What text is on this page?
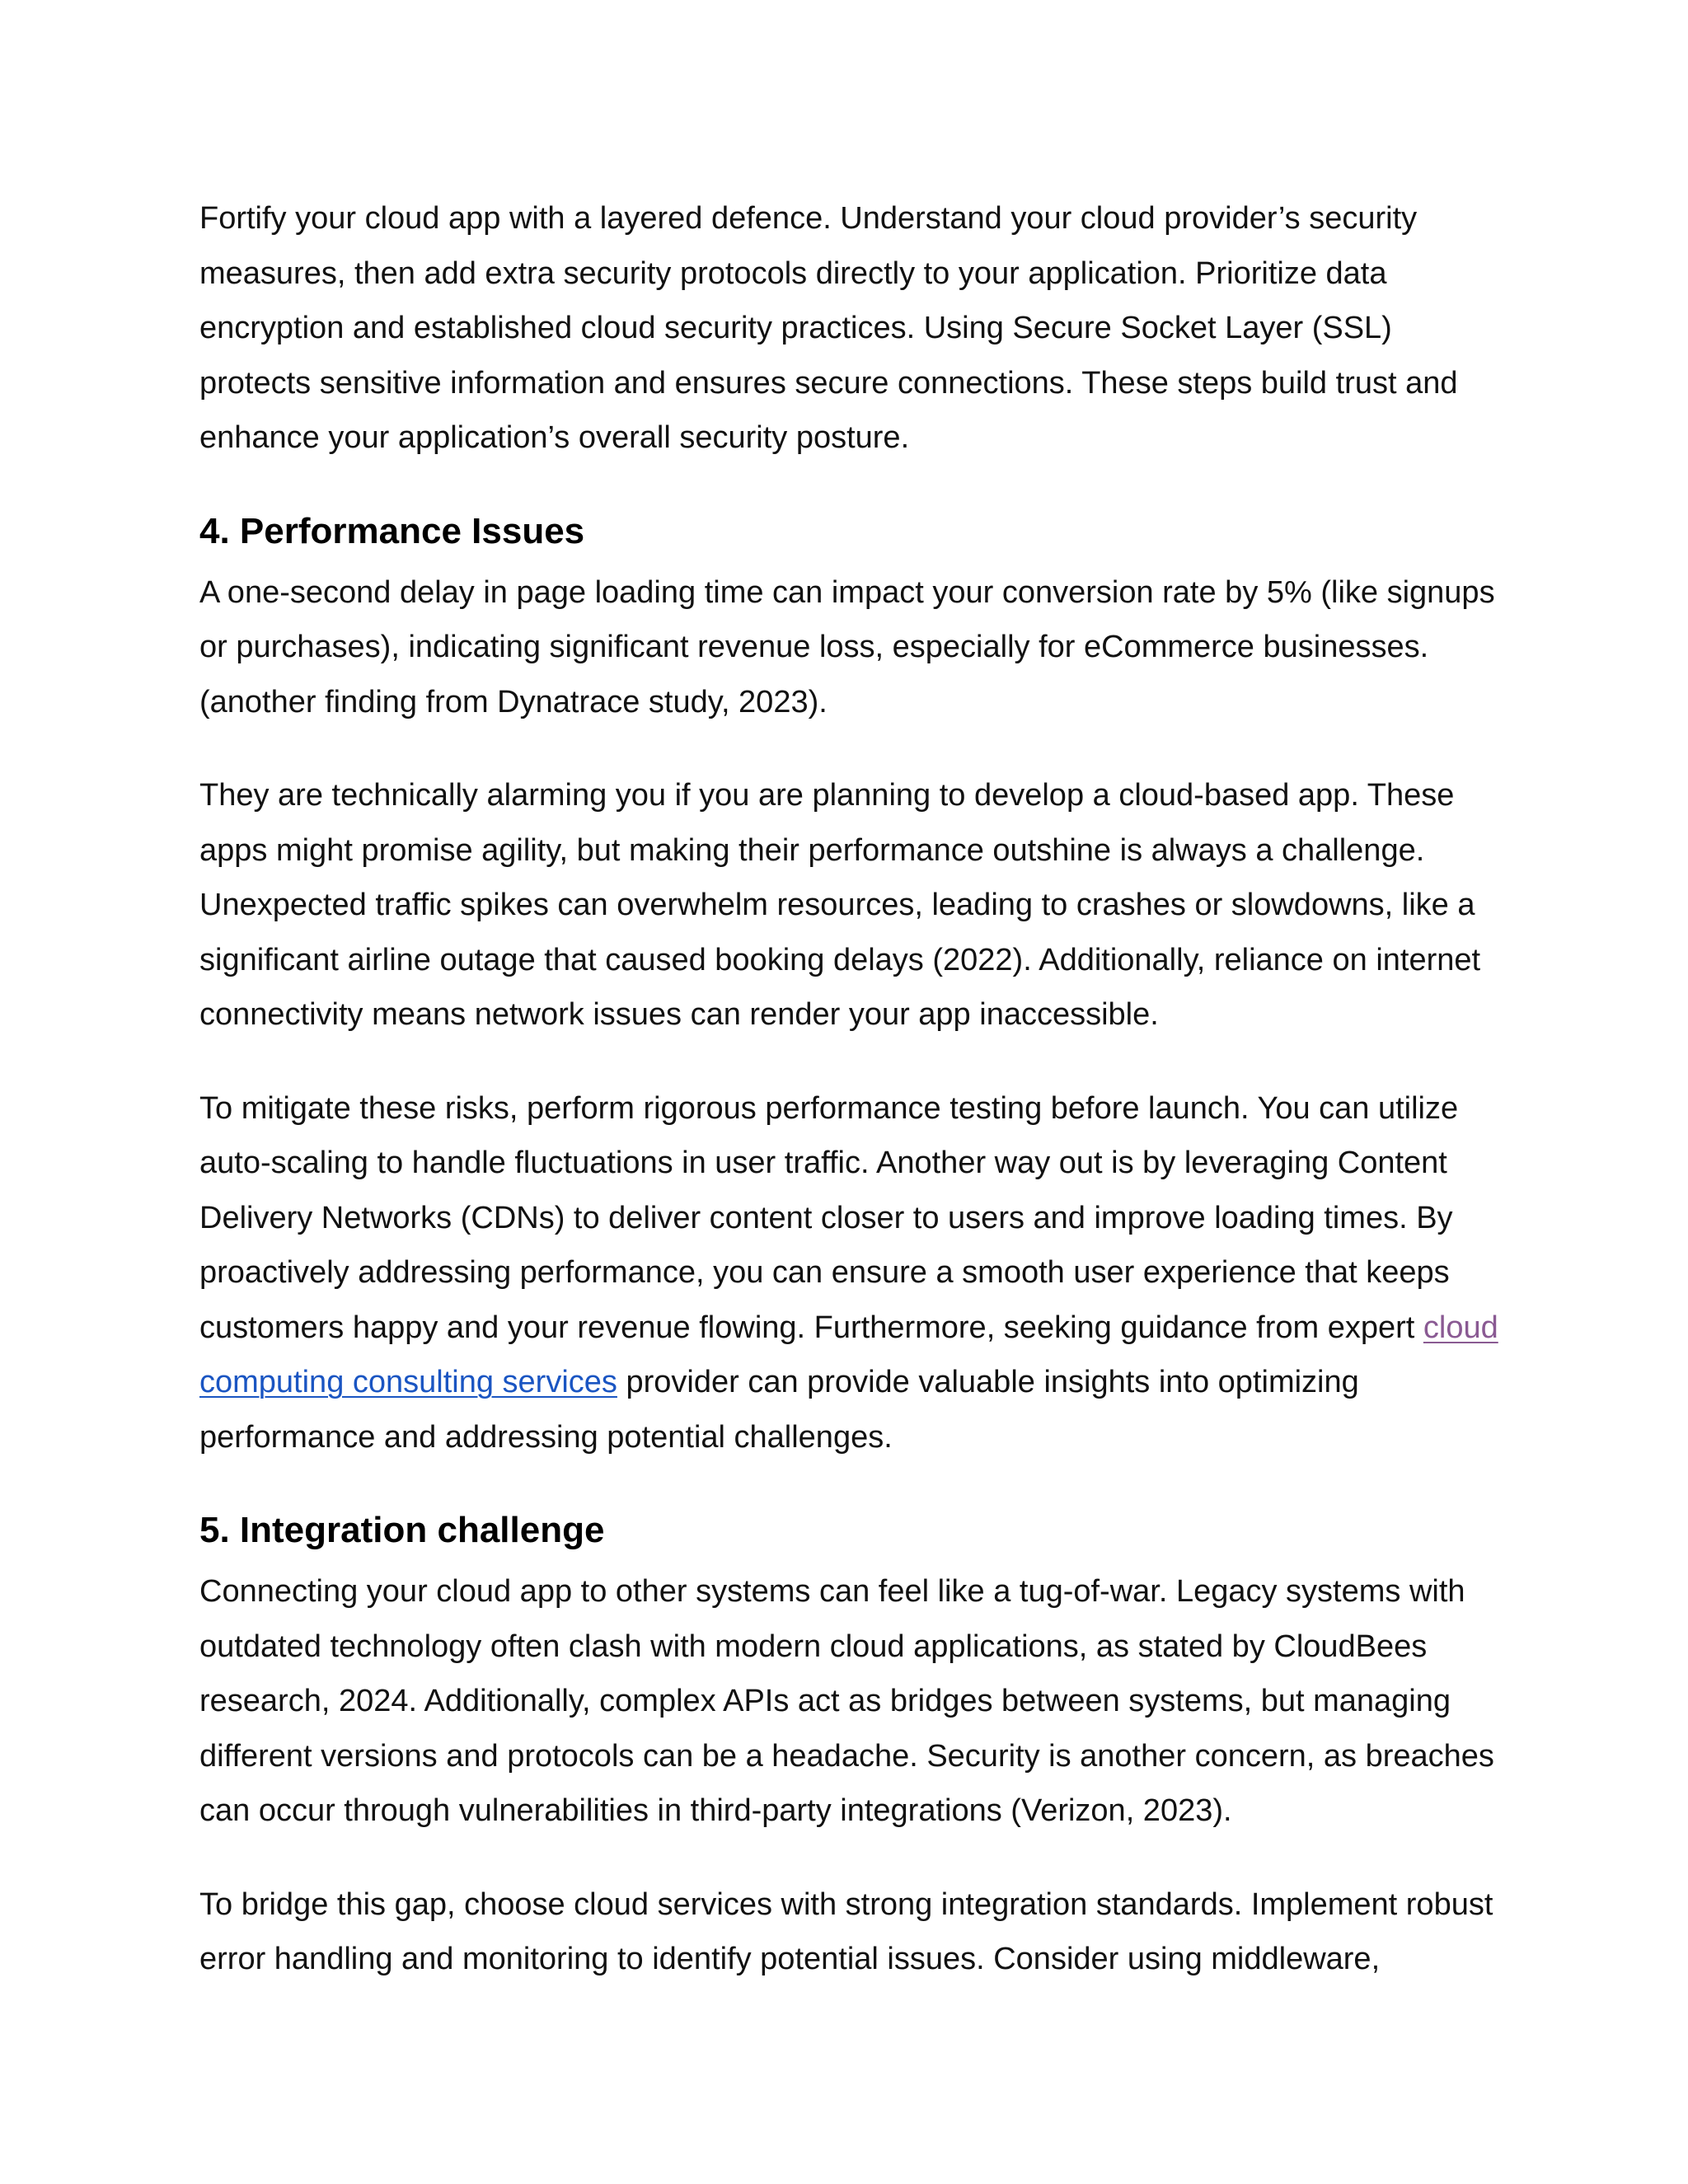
Fortify your cloud app with a layered defence. Understand your cloud provider’s security measures, then add extra security protocols directly to your application. Prioritize data encryption and established cloud security practices. Using Secure Socket Layer (SSL) protects sensitive information and ensures secure connections. These steps build trust and enhance your application’s overall security posture.

4. Performance Issues

A one-second delay in page loading time can impact your conversion rate by 5% (like signups or purchases), indicating significant revenue loss, especially for eCommerce businesses. (another finding from Dynatrace study, 2023).

They are technically alarming you if you are planning to develop a cloud-based app. These apps might promise agility, but making their performance outshine is always a challenge. Unexpected traffic spikes can overwhelm resources, leading to crashes or slowdowns, like a significant airline outage that caused booking delays (2022). Additionally, reliance on internet connectivity means network issues can render your app inaccessible.

To mitigate these risks, perform rigorous performance testing before launch. You can utilize auto-scaling to handle fluctuations in user traffic. Another way out is by leveraging Content Delivery Networks (CDNs) to deliver content closer to users and improve loading times. By proactively addressing performance, you can ensure a smooth user experience that keeps customers happy and your revenue flowing. Furthermore, seeking guidance from expert cloud
computing consulting services provider can provide valuable insights into optimizing performance and addressing potential challenges.

5. Integration challenge

Connecting your cloud app to other systems can feel like a tug-of-war. Legacy systems with outdated technology often clash with modern cloud applications, as stated by CloudBees research, 2024. Additionally, complex APIs act as bridges between systems, but managing different versions and protocols can be a headache. Security is another concern, as breaches can occur through vulnerabilities in third-party integrations (Verizon, 2023).

To bridge this gap, choose cloud services with strong integration standards. Implement robust error handling and monitoring to identify potential issues. Consider using middleware,
